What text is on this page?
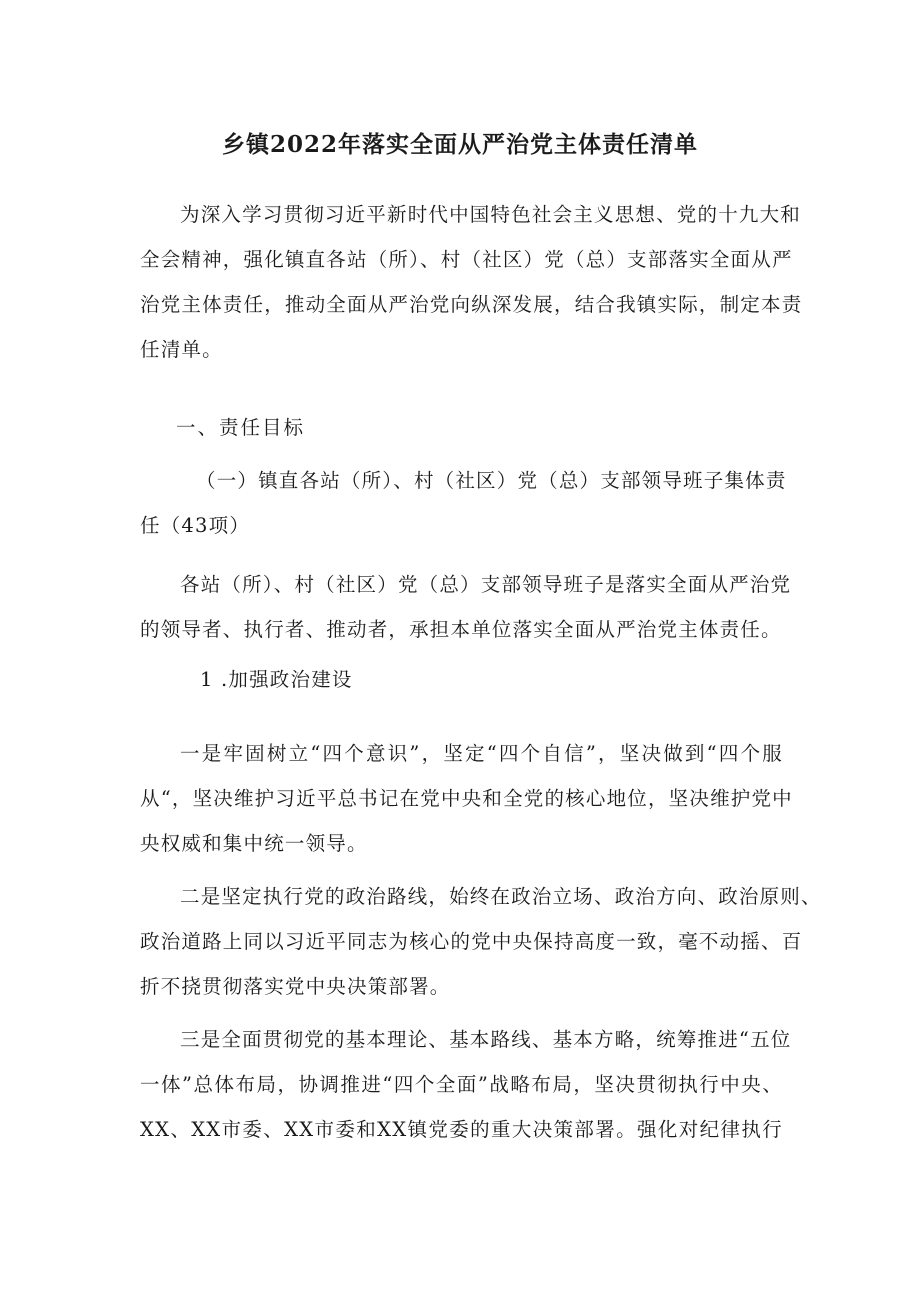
乡镇2022年落实全面从严治党主体责任清单
为深入学习贯彻习近平新时代中国特色社会主义思想、党的十九大和
全会精神，强化镇直各站（所）、村（社区）党（总）支部落实全面从严
治党主体责任，推动全面从严治党向纵深发展，结合我镇实际，制定本责
任清单。
一、责任目标
（一）镇直各站（所）、村（社区）党（总）支部领导班子集体责
任（43项）
各站（所）、村（社区）党（总）支部领导班子是落实全面从严治党
的领导者、执行者、推动者，承担本单位落实全面从严治党主体责任。
1 .加强政治建设
一是牢固树立“四个意识”，坚定“四个自信”，坚决做到“四个服
从“，坚决维护习近平总书记在党中央和全党的核心地位，坚决维护党中
央权威和集中统一领导。
二是坚定执行党的政治路线，始终在政治立场、政治方向、政治原则、
政治道路上同以习近平同志为核心的党中央保持高度一致，毫不动摇、百
折不挠贯彻落实党中央决策部署。
三是全面贯彻党的基本理论、基本路线、基本方略，统筹推进“五位
一体”总体布局，协调推进“四个全面”战略布局，坚决贯彻执行中央、
XX、XX市委、XX市委和XX镇党委的重大决策部署。强化对纪律执行
